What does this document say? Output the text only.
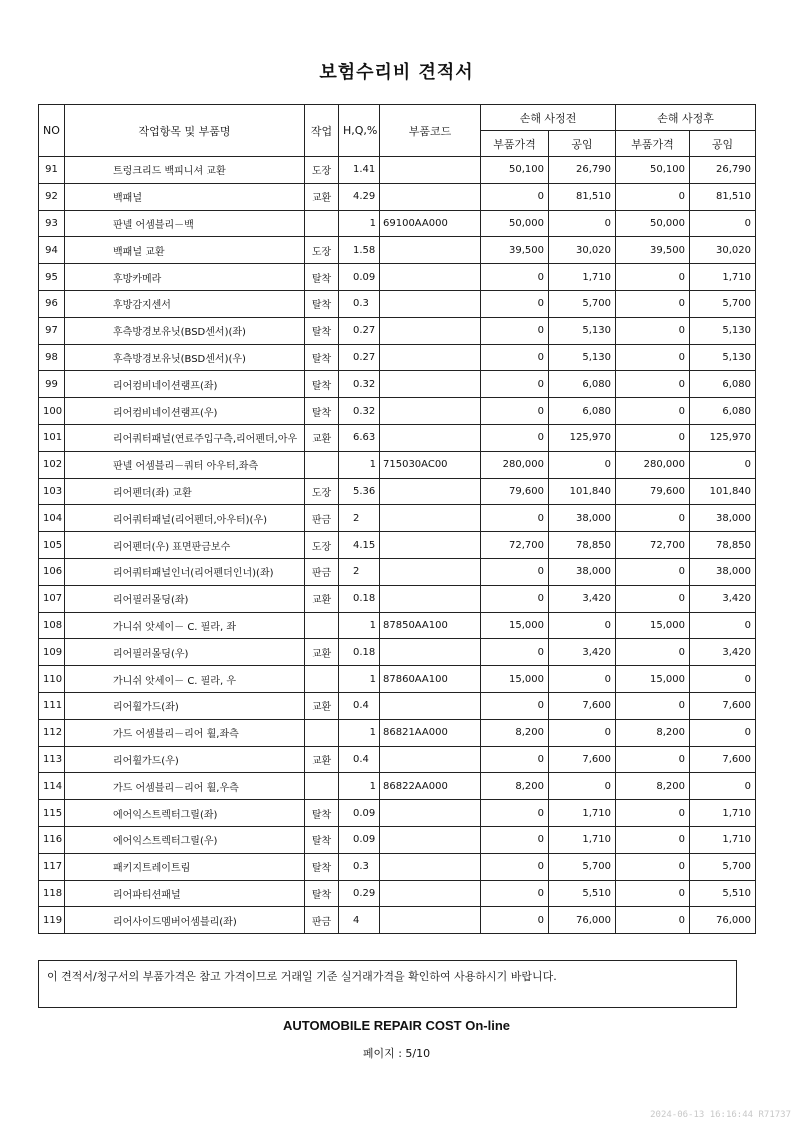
보험수리비 견적서
NO	작업항목 및 부품명	작업	H,Q,%	부품코드	손해 사정전		손해 사정후	
					부품가격	공임	부품가격	공임
91	트렁크리드 백피니셔 교환	도장	1.41		50,100	26,790	50,100	26,790
92	백패널	교환	4.29		0	81,510	0	81,510
93	판넬 어셈블리－백		1	69100AA000	50,000	0	50,000	0
94	백패널 교환	도장	1.58		39,500	30,020	39,500	30,020
95	후방카메라	탈착	0.09		0	1,710	0	1,710
96	후방감지센서	탈착	0.3		0	5,700	0	5,700
97	후측방경보유닛(BSD센서)(좌)	탈착	0.27		0	5,130	0	5,130
98	후측방경보유닛(BSD센서)(우)	탈착	0.27		0	5,130	0	5,130
99	리어컴비네이션램프(좌)	탈착	0.32		0	6,080	0	6,080
100	리어컴비네이션램프(우)	탈착	0.32		0	6,080	0	6,080
101	리어쿼터패널(연료주입구측,리어펜더,아우	교환	6.63		0	125,970	0	125,970
102	판넬 어셈블리－쿼터 아우터,좌측		1	715030AC00	280,000	0	280,000	0
103	리어펜더(좌) 교환	도장	5.36		79,600	101,840	79,600	101,840
104	리어쿼터패널(리어펜더,아우터)(우)	판금	2		0	38,000	0	38,000
105	리어펜더(우) 표면판금보수	도장	4.15		72,700	78,850	72,700	78,850
106	리어쿼터패널인너(리어펜더인너)(좌)	판금	2		0	38,000	0	38,000
107	리어필러몰딩(좌)	교환	0.18		0	3,420	0	3,420
108	가니쉬 앗세이－ C. 필라, 좌		1	87850AA100	15,000	0	15,000	0
109	리어필러몰딩(우)	교환	0.18		0	3,420	0	3,420
110	가니쉬 앗세이－ C. 필라, 우		1	87860AA100	15,000	0	15,000	0
111	리어휠가드(좌)	교환	0.4		0	7,600	0	7,600
112	가드 어셈블리－리어 휠,좌측		1	86821AA000	8,200	0	8,200	0
113	리어휠가드(우)	교환	0.4		0	7,600	0	7,600
114	가드 어셈블리－리어 휠,우측		1	86822AA000	8,200	0	8,200	0
115	에어익스트렉터그릴(좌)	탈착	0.09		0	1,710	0	1,710
116	에어익스트렉터그릴(우)	탈착	0.09		0	1,710	0	1,710
117	패키지트레이트림	탈착	0.3		0	5,700	0	5,700
118	리어파티션패널	탈착	0.29		0	5,510	0	5,510
119	리어사이드멤버어셈블리(좌)	판금	4		0	76,000	0	76,000
이 견적서/청구서의 부품가격은 참고 가격이므로 거래일 기준 실거래가격을 확인하여 사용하시기 바랍니다.
AUTOMOBILE REPAIR COST On-line
페이지 : 5/10
2024-06-13 16:16:44 R71737
